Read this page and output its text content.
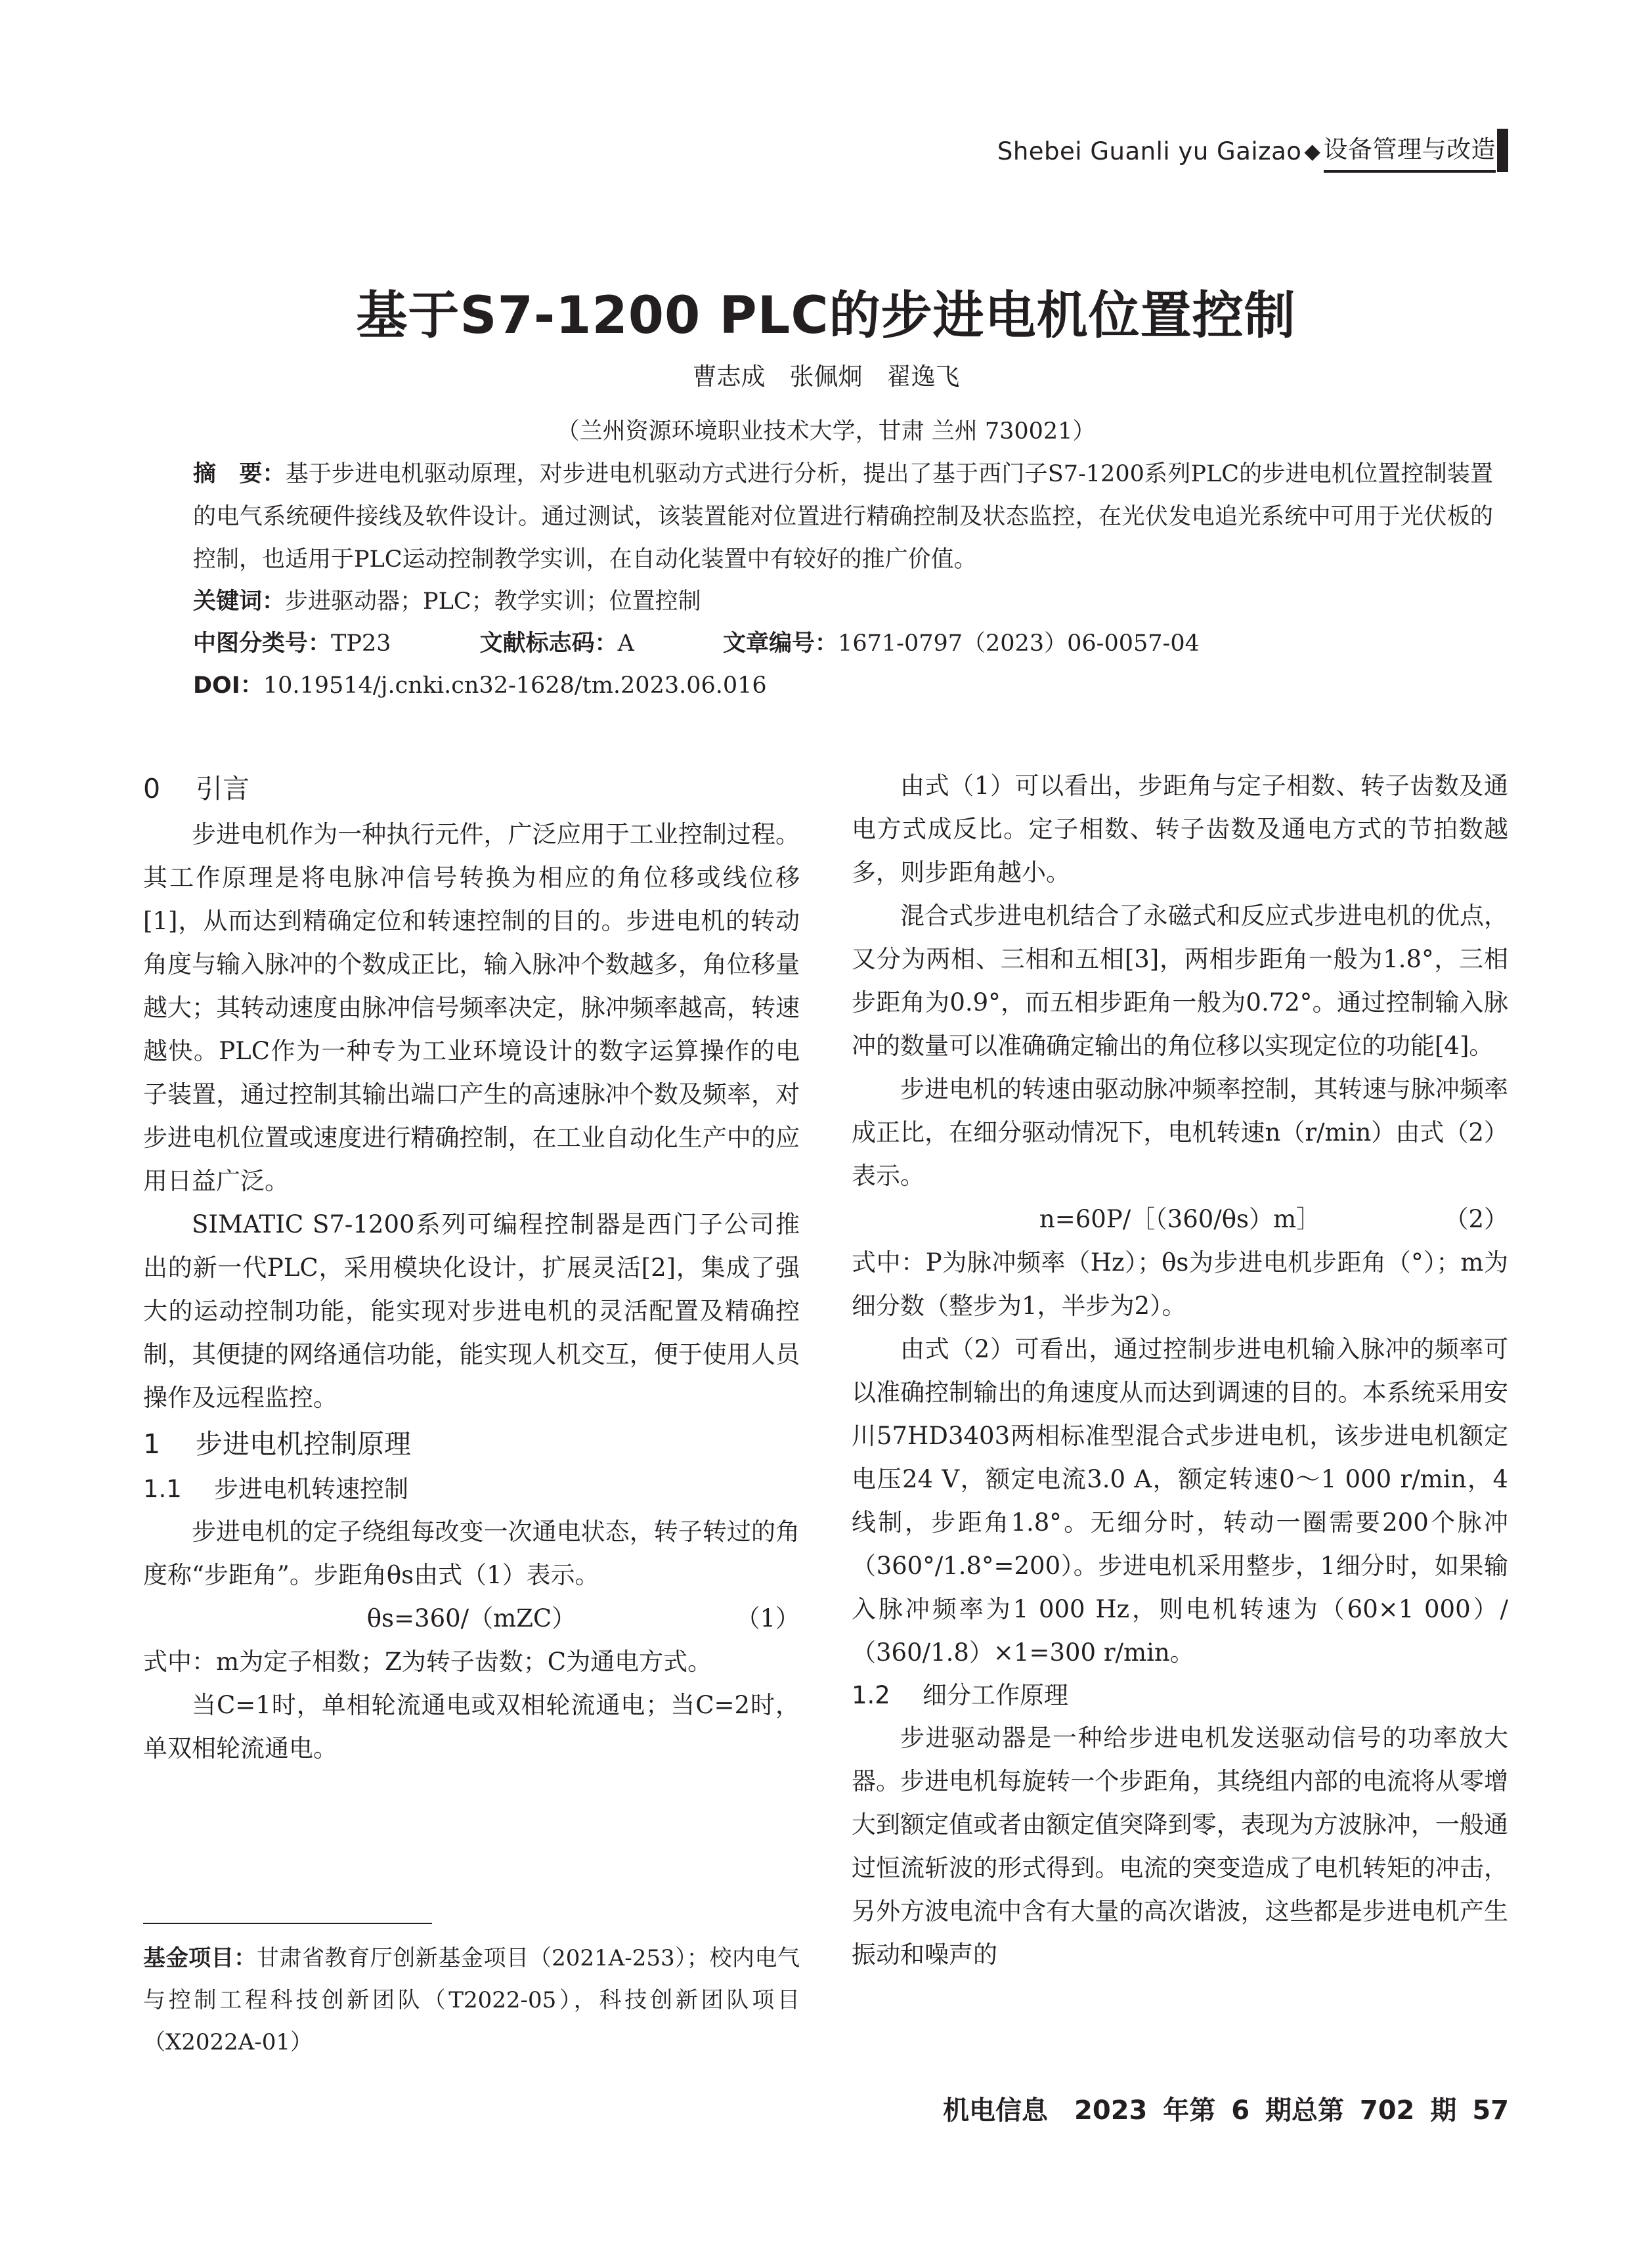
Shebei Guanli yu Gaizao ◆ 设备管理与改造
基于S7-1200 PLC的步进电机位置控制
曹志成　张佩炯　翟逸飞
（兰州资源环境职业技术大学，甘肃 兰州 730021）
摘　要：基于步进电机驱动原理，对步进电机驱动方式进行分析，提出了基于西门子S7-1200系列PLC的步进电机位置控制装置的电气系统硬件接线及软件设计。通过测试，该装置能对位置进行精确控制及状态监控，在光伏发电追光系统中可用于光伏板的控制，也适用于PLC运动控制教学实训，在自动化装置中有较好的推广价值。
关键词：步进驱动器；PLC；教学实训；位置控制
中图分类号：TP23	文献标志码：A	文章编号：1671-0797（2023）06-0057-04
DOI：10.19514/j.cnki.cn32-1628/tm.2023.06.016
0 引言

步进电机作为一种执行元件，广泛应用于工业控制过程。其工作原理是将电脉冲信号转换为相应的角位移或线位移[1]，从而达到精确定位和转速控制的目的。步进电机的转动角度与输入脉冲的个数成正比，输入脉冲个数越多，角位移量越大；其转动速度由脉冲信号频率决定，脉冲频率越高，转速越快。PLC作为一种专为工业环境设计的数字运算操作的电子装置，通过控制其输出端口产生的高速脉冲个数及频率，对步进电机位置或速度进行精确控制，在工业自动化生产中的应用日益广泛。

SIMATIC S7-1200系列可编程控制器是西门子公司推出的新一代PLC，采用模块化设计，扩展灵活[2]，集成了强大的运动控制功能，能实现对步进电机的灵活配置及精确控制，其便捷的网络通信功能，能实现人机交互，便于使用人员操作及远程监控。

1 步进电机控制原理
1.1 步进电机转速控制

步进电机的定子绕组每改变一次通电状态，转子转过的角度称“步距角”。步距角θs由式（1）表示。

θs=360/（mZC）	（1）

式中：m为定子相数；Z为转子齿数；C为通电方式。

当C=1时，单相轮流通电或双相轮流通电；当C=2时，单双相轮流通电。

基金项目：甘肃省教育厅创新基金项目（2021A-253）；校内电气与控制工程科技创新团队（T2022-05），科技创新团队项目（X2022A-01）

由式（1）可以看出，步距角与定子相数、转子齿数及通电方式成反比。定子相数、转子齿数及通电方式的节拍数越多，则步距角越小。

混合式步进电机结合了永磁式和反应式步进电机的优点，又分为两相、三相和五相[3]，两相步距角一般为1.8°，三相步距角为0.9°，而五相步距角一般为0.72°。通过控制输入脉冲的数量可以准确确定输出的角位移以实现定位的功能[4]。

步进电机的转速由驱动脉冲频率控制，其转速与脉冲频率成正比，在细分驱动情况下，电机转速n（r/min）由式（2）表示。

n=60P/［（360/θs）m］	（2）

式中：P为脉冲频率（Hz）；θs为步进电机步距角（°）；m为细分数（整步为1，半步为2）。

由式（2）可看出，通过控制步进电机输入脉冲的频率可以准确控制输出的角速度从而达到调速的目的。本系统采用安川57HD3403两相标准型混合式步进电机，该步进电机额定电压24 V，额定电流3.0 A，额定转速0～1 000 r/min，4线制，步距角1.8°。无细分时，转动一圈需要200个脉冲（360°/1.8°=200）。步进电机采用整步，1细分时，如果输入脉冲频率为1 000 Hz，则电机转速为（60×1 000）/（360/1.8）×1=300 r/min。

1.2 细分工作原理

步进驱动器是一种给步进电机发送驱动信号的功率放大器。步进电机每旋转一个步距角，其绕组内部的电流将从零增大到额定值或者由额定值突降到零，表现为方波脉冲，一般通过恒流斩波的形式得到。电流的突变造成了电机转矩的冲击，另外方波电流中含有大量的高次谐波，这些都是步进电机产生振动和噪声的

机电信息　2023 年第 6 期总第 702 期 57
